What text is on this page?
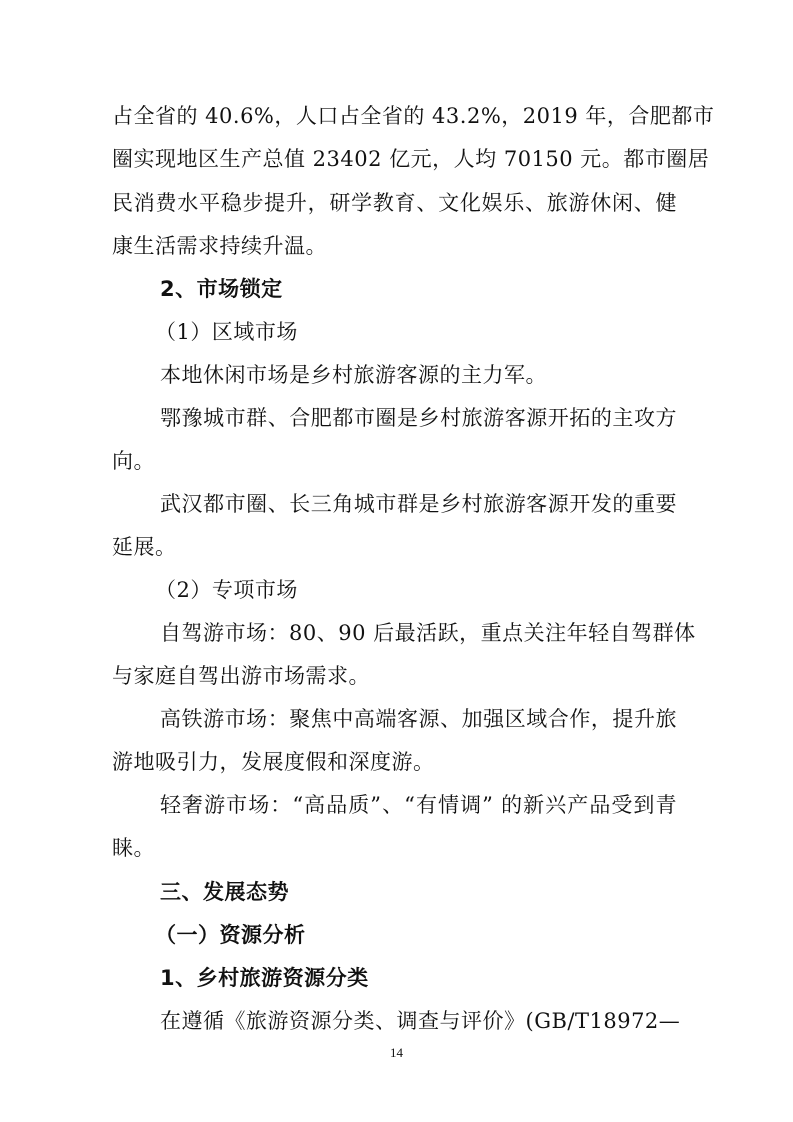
占全省的 40.6%，人口占全省的 43.2%，2019 年，合肥都市
圈实现地区生产总值 23402 亿元，人均 70150 元。都市圈居
民消费水平稳步提升，研学教育、文化娱乐、旅游休闲、健
康生活需求持续升温。
2、市场锁定
（1）区域市场
本地休闲市场是乡村旅游客源的主力军。
鄂豫城市群、合肥都市圈是乡村旅游客源开拓的主攻方
向。
武汉都市圈、长三角城市群是乡村旅游客源开发的重要
延展。
（2）专项市场
自驾游市场：80、90 后最活跃，重点关注年轻自驾群体
与家庭自驾出游市场需求。
高铁游市场：聚焦中高端客源、加强区域合作，提升旅
游地吸引力，发展度假和深度游。
轻奢游市场：“高品质”、“有情调” 的新兴产品受到青
睐。
三、发展态势
（一）资源分析
1、乡村旅游资源分类
在遵循《旅游资源分类、调查与评价》(GB/T18972—
14
